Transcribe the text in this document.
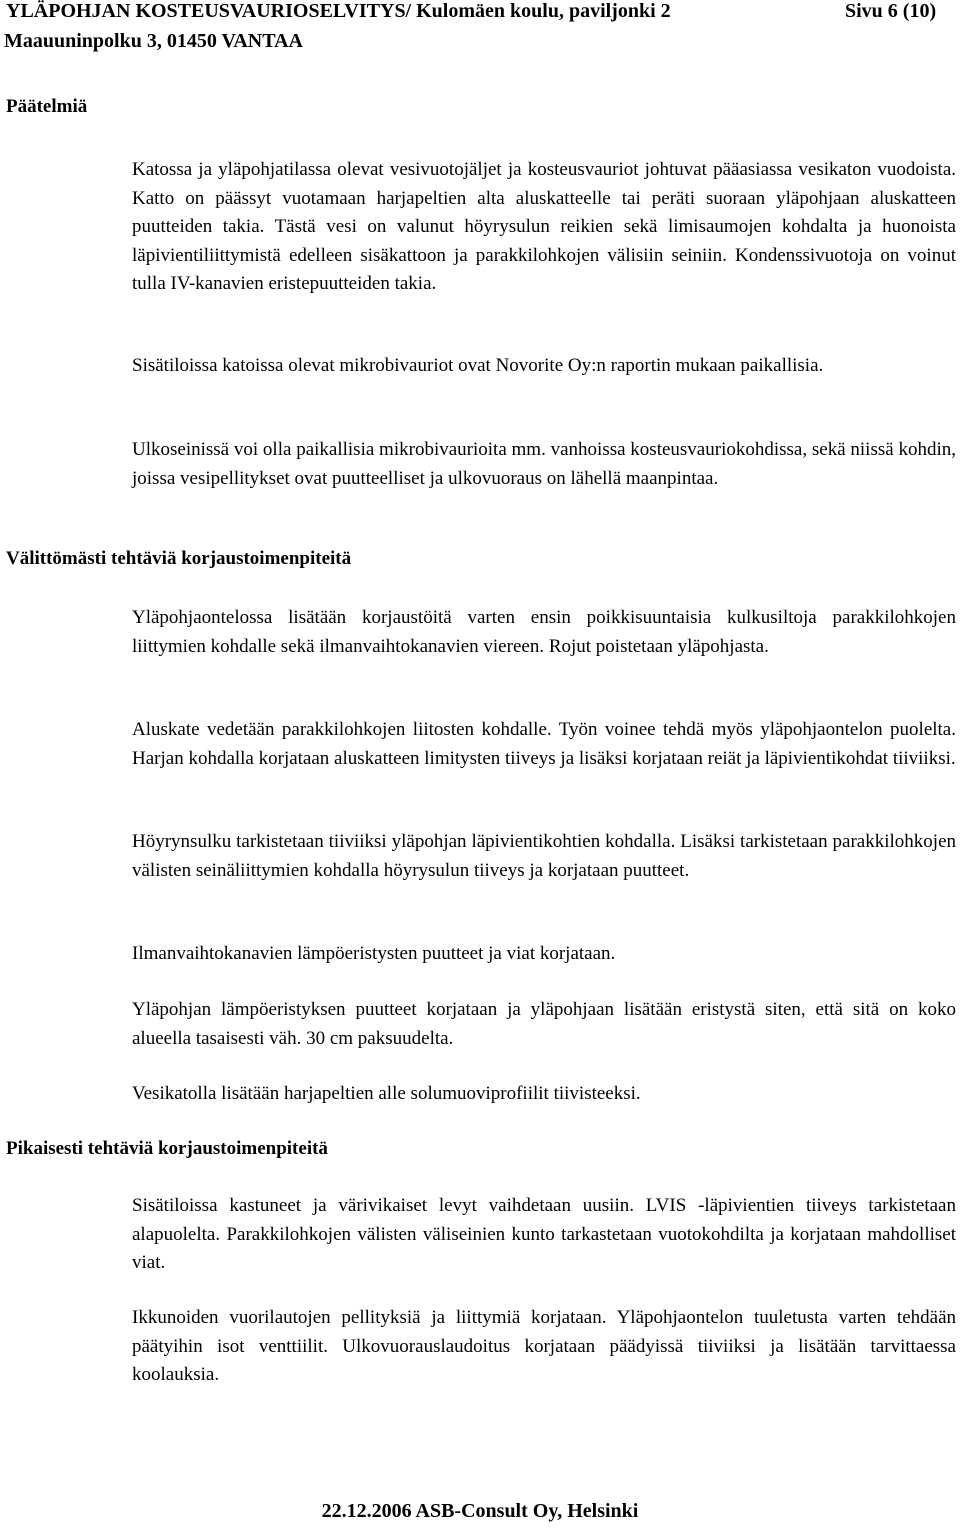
YLÄPOHJAN KOSTEUSVAURIOSELVITYS/ Kulomäen koulu, paviljonki 2	Sivu 6 (10)
Maauuninpolku 3, 01450 VANTAA
Päätelmiä
Katossa ja yläpohjatilassa olevat vesivuotojäljet ja kosteusvauriot johtuvat pääasiassa vesikaton vuodoista. Katto on päässyt vuotamaan harjapeltien alta aluskatteelle tai peräti suoraan yläpohjaan aluskatteen puutteiden takia. Tästä vesi on valunut höyrysulun reikien sekä limisaumojen kohdalta ja huonoista läpivientiliittymistä edelleen sisäkattoon ja parakkilohkojen välisiin seiniin. Kondenssivuotoja on voinut tulla IV-kanavien eristepuutteiden takia.
Sisätiloissa katoissa olevat mikrobivauriot ovat Novorite Oy:n raportin mukaan paikallisia.
Ulkoseinissä voi olla paikallisia mikrobivaurioita mm. vanhoissa kosteusvauriokohdissa, sekä niissä kohdin, joissa vesipellitykset ovat puutteelliset ja ulkovuoraus on lähellä maanpintaa.
Välittömästi tehtäviä korjaustoimenpiteitä
Yläpohjaontelossa lisätään korjaustöitä varten ensin poikkisuuntaisia kulkusiltoja parakkilohkojen liittymien kohdalle sekä ilmanvaihtokanavien viereen. Rojut poistetaan yläpohjasta.
Aluskate vedetään parakkilohkojen liitosten kohdalle. Työn voinee tehdä myös yläpohjaontelon puolelta. Harjan kohdalla korjataan aluskatteen limitysten tiiveys ja lisäksi korjataan reiät ja läpivientikohdat tiiviiksi.
Höyrynsulku tarkistetaan tiiviiksi yläpohjan läpivientikohtien kohdalla. Lisäksi tarkistetaan parakkilohkojen välisten seinäliittymien kohdalla höyrysulun tiiveys ja korjataan puutteet.
Ilmanvaihtokanavien lämpöeristysten puutteet ja viat korjataan.
Yläpohjan lämpöeristyksen puutteet korjataan ja yläpohjaan lisätään eristystä siten, että sitä on koko alueella tasaisesti väh. 30 cm paksuudelta.
Vesikatolla lisätään harjapeltien alle solumuoviprofiilit tiivisteeksi.
Pikaisesti tehtäviä korjaustoimenpiteitä
Sisätiloissa kastuneet ja värivikaiset levyt vaihdetaan uusiin. LVIS -läpivientien tiiveys tarkistetaan alapuolelta. Parakkilohkojen välisten väliseinien kunto tarkastetaan vuotokohdilta ja korjataan mahdolliset viat.
Ikkunoiden vuorilautojen pellityksiä ja liittymiä korjataan. Yläpohjaontelon tuuletusta varten tehdään päätyihin isot venttiilit. Ulkovuorauslaudoitus korjataan päädyissä tiiviiksi ja lisätään tarvittaessa koolauksia.
22.12.2006 ASB-Consult Oy, Helsinki
